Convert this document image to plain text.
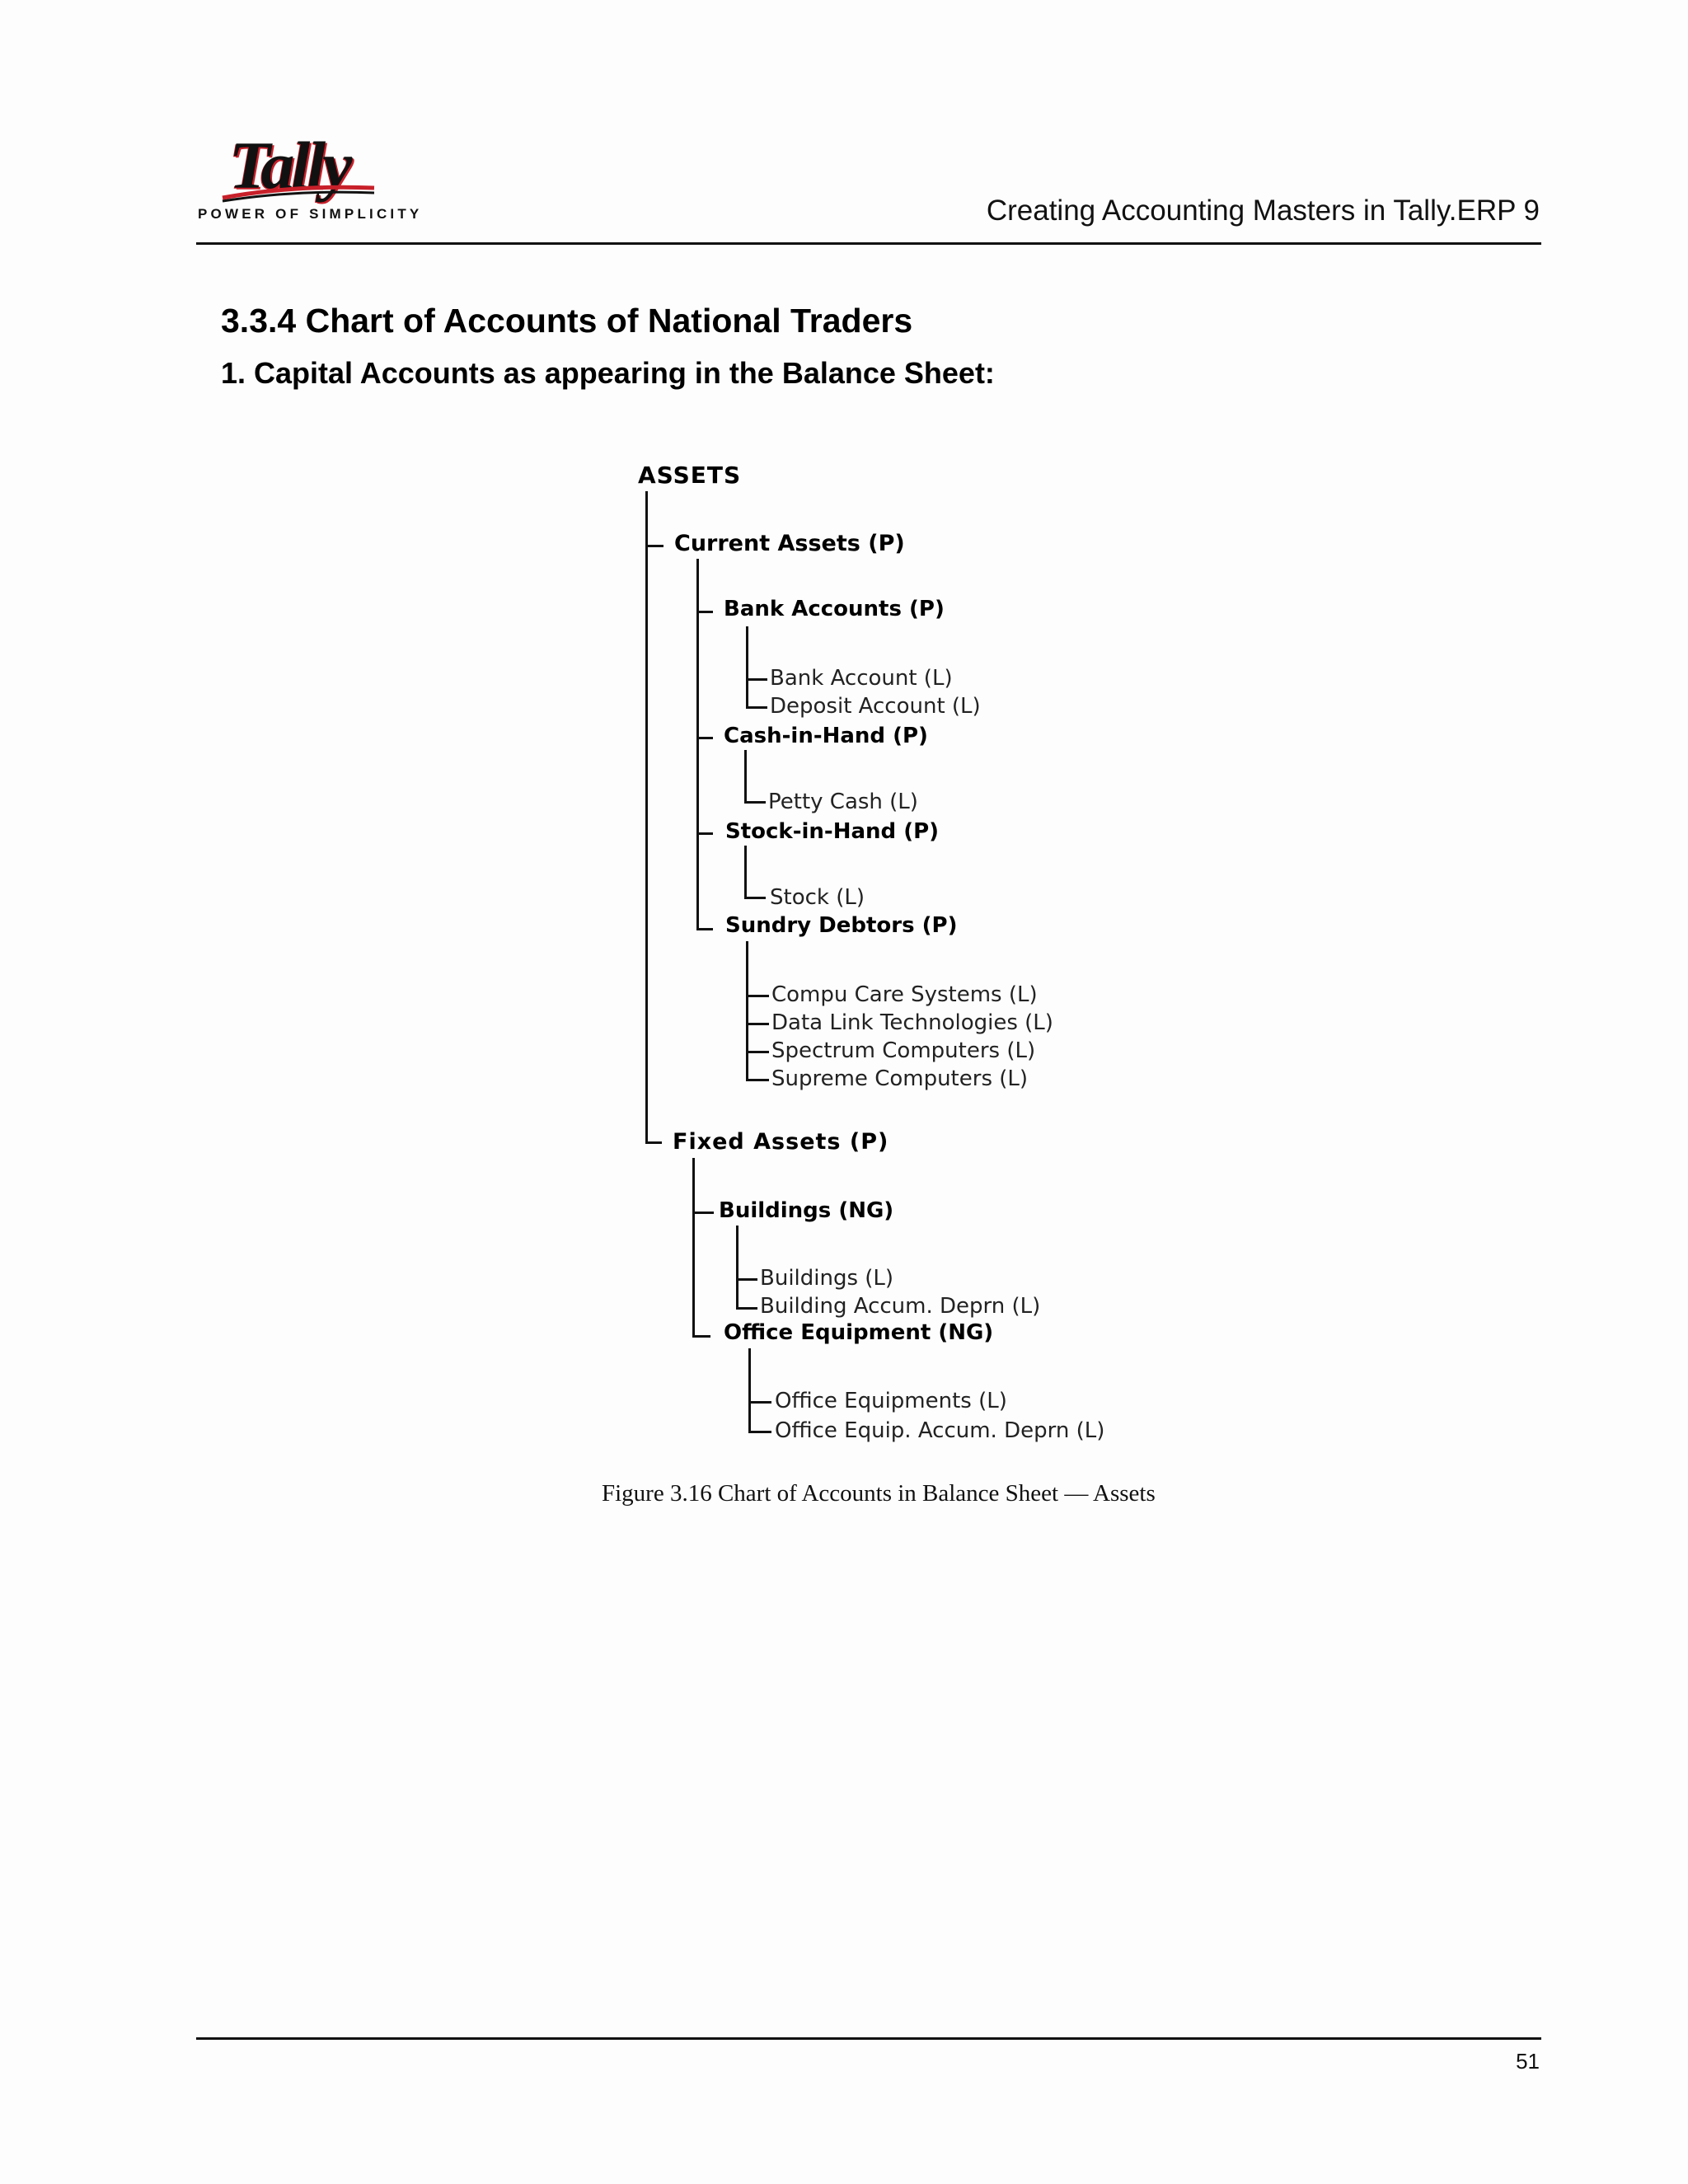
Tally
POWER OF SIMPLICITY	Creating Accounting Masters in Tally.ERP 9
3.3.4 Chart of Accounts of National Traders
1. Capital Accounts as appearing in the Balance Sheet:
ASSETS
Current Assets (P)
Bank Accounts (P)
Bank Account (L)
Deposit Account (L)
Cash-in-Hand (P)
Petty Cash (L)
Stock-in-Hand (P)
Stock (L)
Sundry Debtors (P)
Compu Care Systems (L)
Data Link Technologies (L)
Spectrum Computers (L)
Supreme Computers (L)
Fixed Assets (P)
Buildings (NG)
Buildings (L)
Building Accum. Deprn (L)
Office Equipment (NG)
Office Equipments (L)
Office Equip. Accum. Deprn (L)
Figure 3.16 Chart of Accounts in Balance Sheet — Assets
51
